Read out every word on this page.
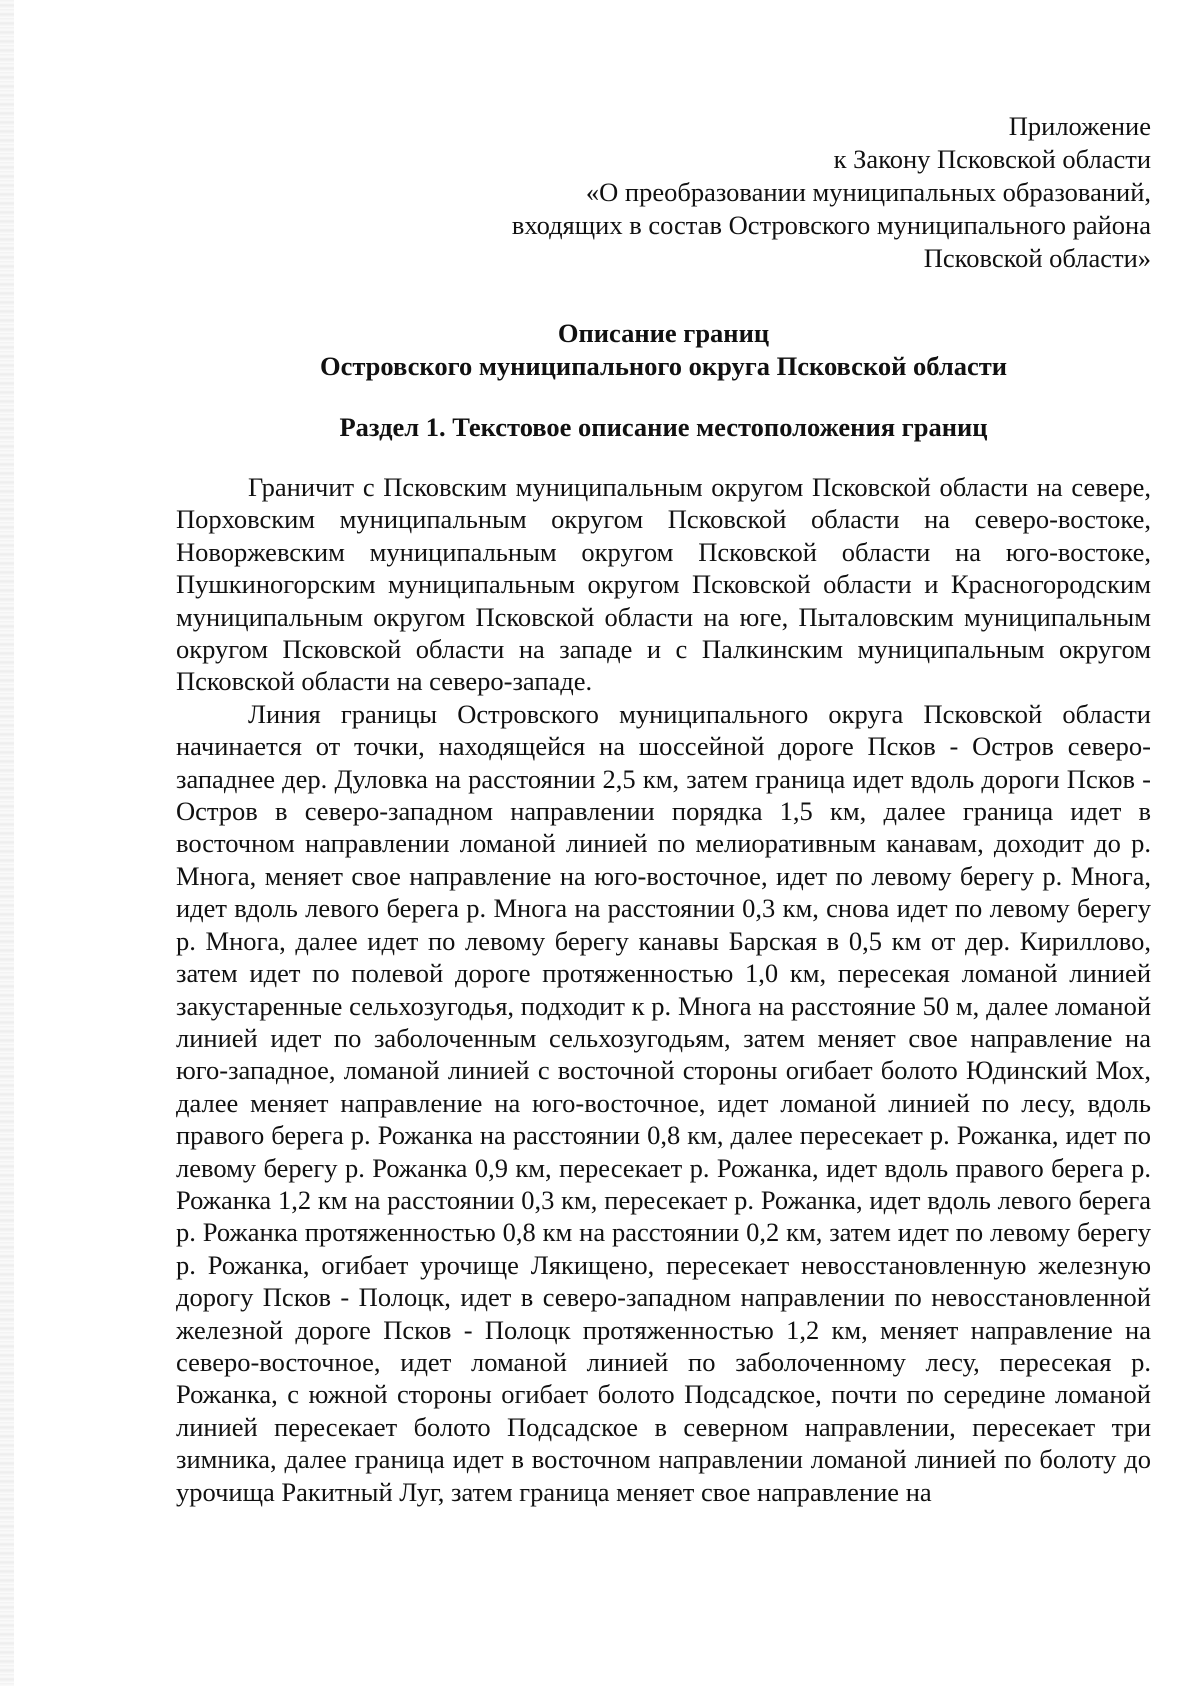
Приложение
к Закону Псковской области
«О преобразовании муниципальных образований,
входящих в состав Островского муниципального района
Псковской области»
Описание границ
Островского муниципального округа Псковской области
Раздел 1. Текстовое описание местоположения границ

Граничит с Псковским муниципальным округом Псковской области на севере, Порховским муниципальным округом Псковской области на северо-востоке, Новоржевским муниципальным округом Псковской области на юго-востоке, Пушкиногорским муниципальным округом Псковской области и Красногородским муниципальным округом Псковской области на юге, Пыталовским муниципальным округом Псковской области на западе и с Палкинским муниципальным округом Псковской области на северо-западе.

Линия границы Островского муниципального округа Псковской области начинается от точки, находящейся на шоссейной дороге Псков - Остров северо-западнее дер. Дуловка на расстоянии 2,5 км, затем граница идет вдоль дороги Псков - Остров в северо-западном направлении порядка 1,5 км, далее граница идет в восточном направлении ломаной линией по мелиоративным канавам, доходит до р. Многа, меняет свое направление на юго-восточное, идет по левому берегу р. Многа, идет вдоль левого берега р. Многа на расстоянии 0,3 км, снова идет по левому берегу р. Многа, далее идет по левому берегу канавы Барская в 0,5 км от дер. Кириллово, затем идет по полевой дороге протяженностью 1,0 км, пересекая ломаной линией закустаренные сельхозугодья, подходит к р. Многа на расстояние 50 м, далее ломаной линией идет по заболоченным сельхозугодьям, затем меняет свое направление на юго-западное, ломаной линией с восточной стороны огибает болото Юдинский Мох, далее меняет направление на юго-восточное, идет ломаной линией по лесу, вдоль правого берега р. Рожанка на расстоянии 0,8 км, далее пересекает р. Рожанка, идет по левому берегу р. Рожанка 0,9 км, пересекает р. Рожанка, идет вдоль правого берега р. Рожанка 1,2 км на расстоянии 0,3 км, пересекает р. Рожанка, идет вдоль левого берега р. Рожанка протяженностью 0,8 км на расстоянии 0,2 км, затем идет по левому берегу р. Рожанка, огибает урочище Лякищено, пересекает невосстановленную железную дорогу Псков - Полоцк, идет в северо-западном направлении по невосстановленной железной дороге Псков - Полоцк протяженностью 1,2 км, меняет направление на северо-восточное, идет ломаной линией по заболоченному лесу, пересекая р. Рожанка, с южной стороны огибает болото Подсадское, почти по середине ломаной линией пересекает болото Подсадское в северном направлении, пересекает три зимника, далее граница идет в восточном направлении ломаной линией по болоту до урочища Ракитный Луг, затем граница меняет свое направление на
